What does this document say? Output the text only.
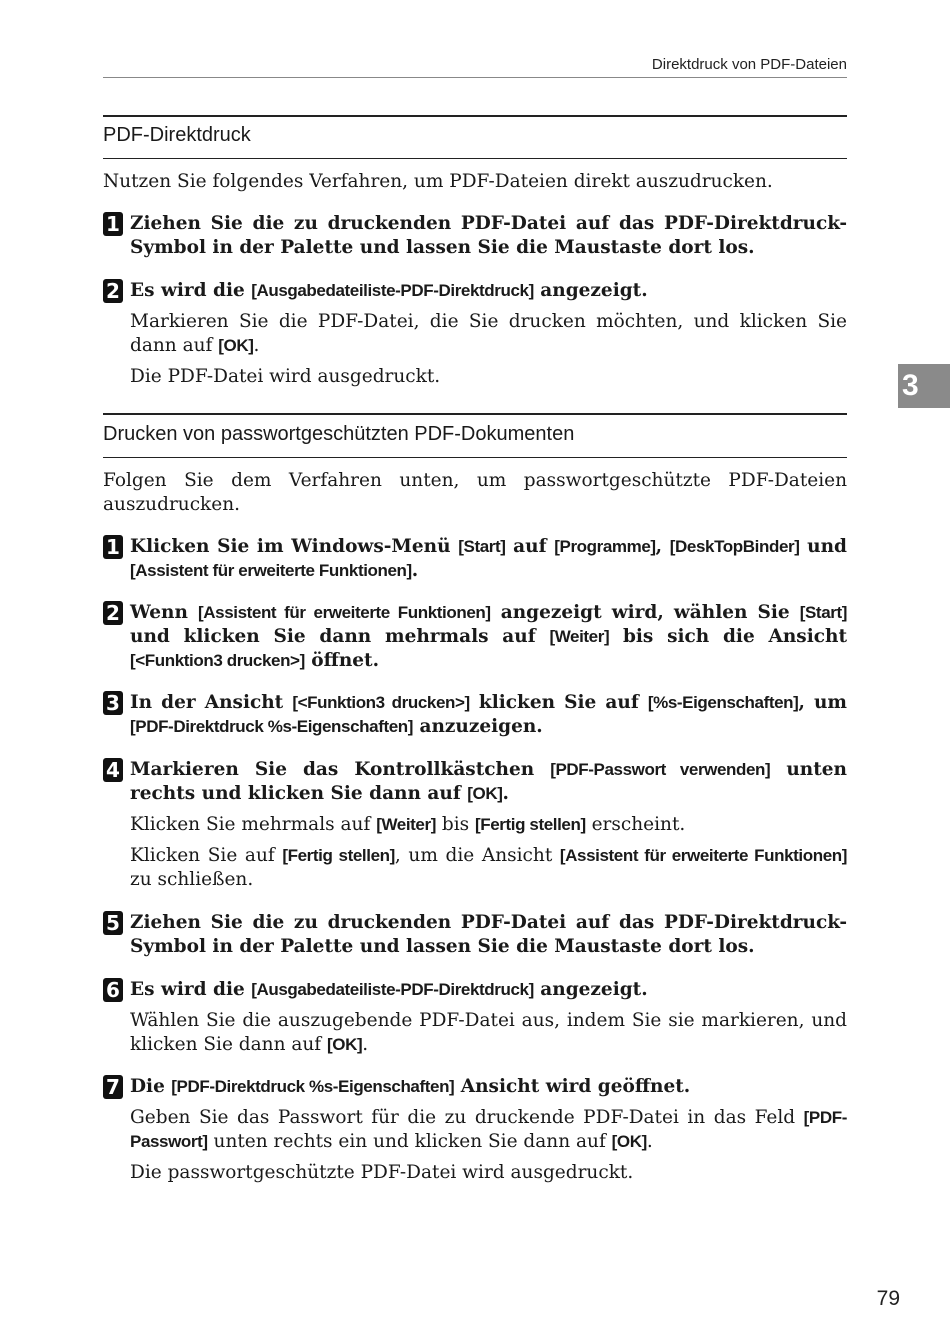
Direktdruck von PDF-Dateien
PDF-Direktdruck
Nutzen Sie folgendes Verfahren, um PDF-Dateien direkt auszudrucken.
1 Ziehen Sie die zu druckenden PDF-Datei auf das PDF-Direktdruck-Symbol in der Palette und lassen Sie die Maustaste dort los.
2 Es wird die [Ausgabedateiliste-PDF-Direktdruck] angezeigt.
Markieren Sie die PDF-Datei, die Sie drucken möchten, und klicken Sie dann auf [OK].
Die PDF-Datei wird ausgedruckt.
Drucken von passwortgeschützten PDF-Dokumenten
Folgen Sie dem Verfahren unten, um passwortgeschützte PDF-Dateien auszudrucken.
1 Klicken Sie im Windows-Menü [Start] auf [Programme], [DeskTopBinder] und [Assistent für erweiterte Funktionen].
2 Wenn [Assistent für erweiterte Funktionen] angezeigt wird, wählen Sie [Start] und klicken Sie dann mehrmals auf [Weiter] bis sich die Ansicht [<Funktion3 drucken>] öffnet.
3 In der Ansicht [<Funktion3 drucken>] klicken Sie auf [%s-Eigenschaften], um [PDF-Direktdruck %s-Eigenschaften] anzuzeigen.
4 Markieren Sie das Kontrollkästchen [PDF-Passwort verwenden] unten rechts und klicken Sie dann auf [OK].
Klicken Sie mehrmals auf [Weiter] bis [Fertig stellen] erscheint.
Klicken Sie auf [Fertig stellen], um die Ansicht [Assistent für erweiterte Funktionen] zu schließen.
5 Ziehen Sie die zu druckenden PDF-Datei auf das PDF-Direktdruck-Symbol in der Palette und lassen Sie die Maustaste dort los.
6 Es wird die [Ausgabedateiliste-PDF-Direktdruck] angezeigt.
Wählen Sie die auszugebende PDF-Datei aus, indem Sie sie markieren, und klicken Sie dann auf [OK].
7 Die [PDF-Direktdruck %s-Eigenschaften] Ansicht wird geöffnet.
Geben Sie das Passwort für die zu druckende PDF-Datei in das Feld [PDF-Passwort] unten rechts ein und klicken Sie dann auf [OK].
Die passwortgeschützte PDF-Datei wird ausgedruckt.
3
79
